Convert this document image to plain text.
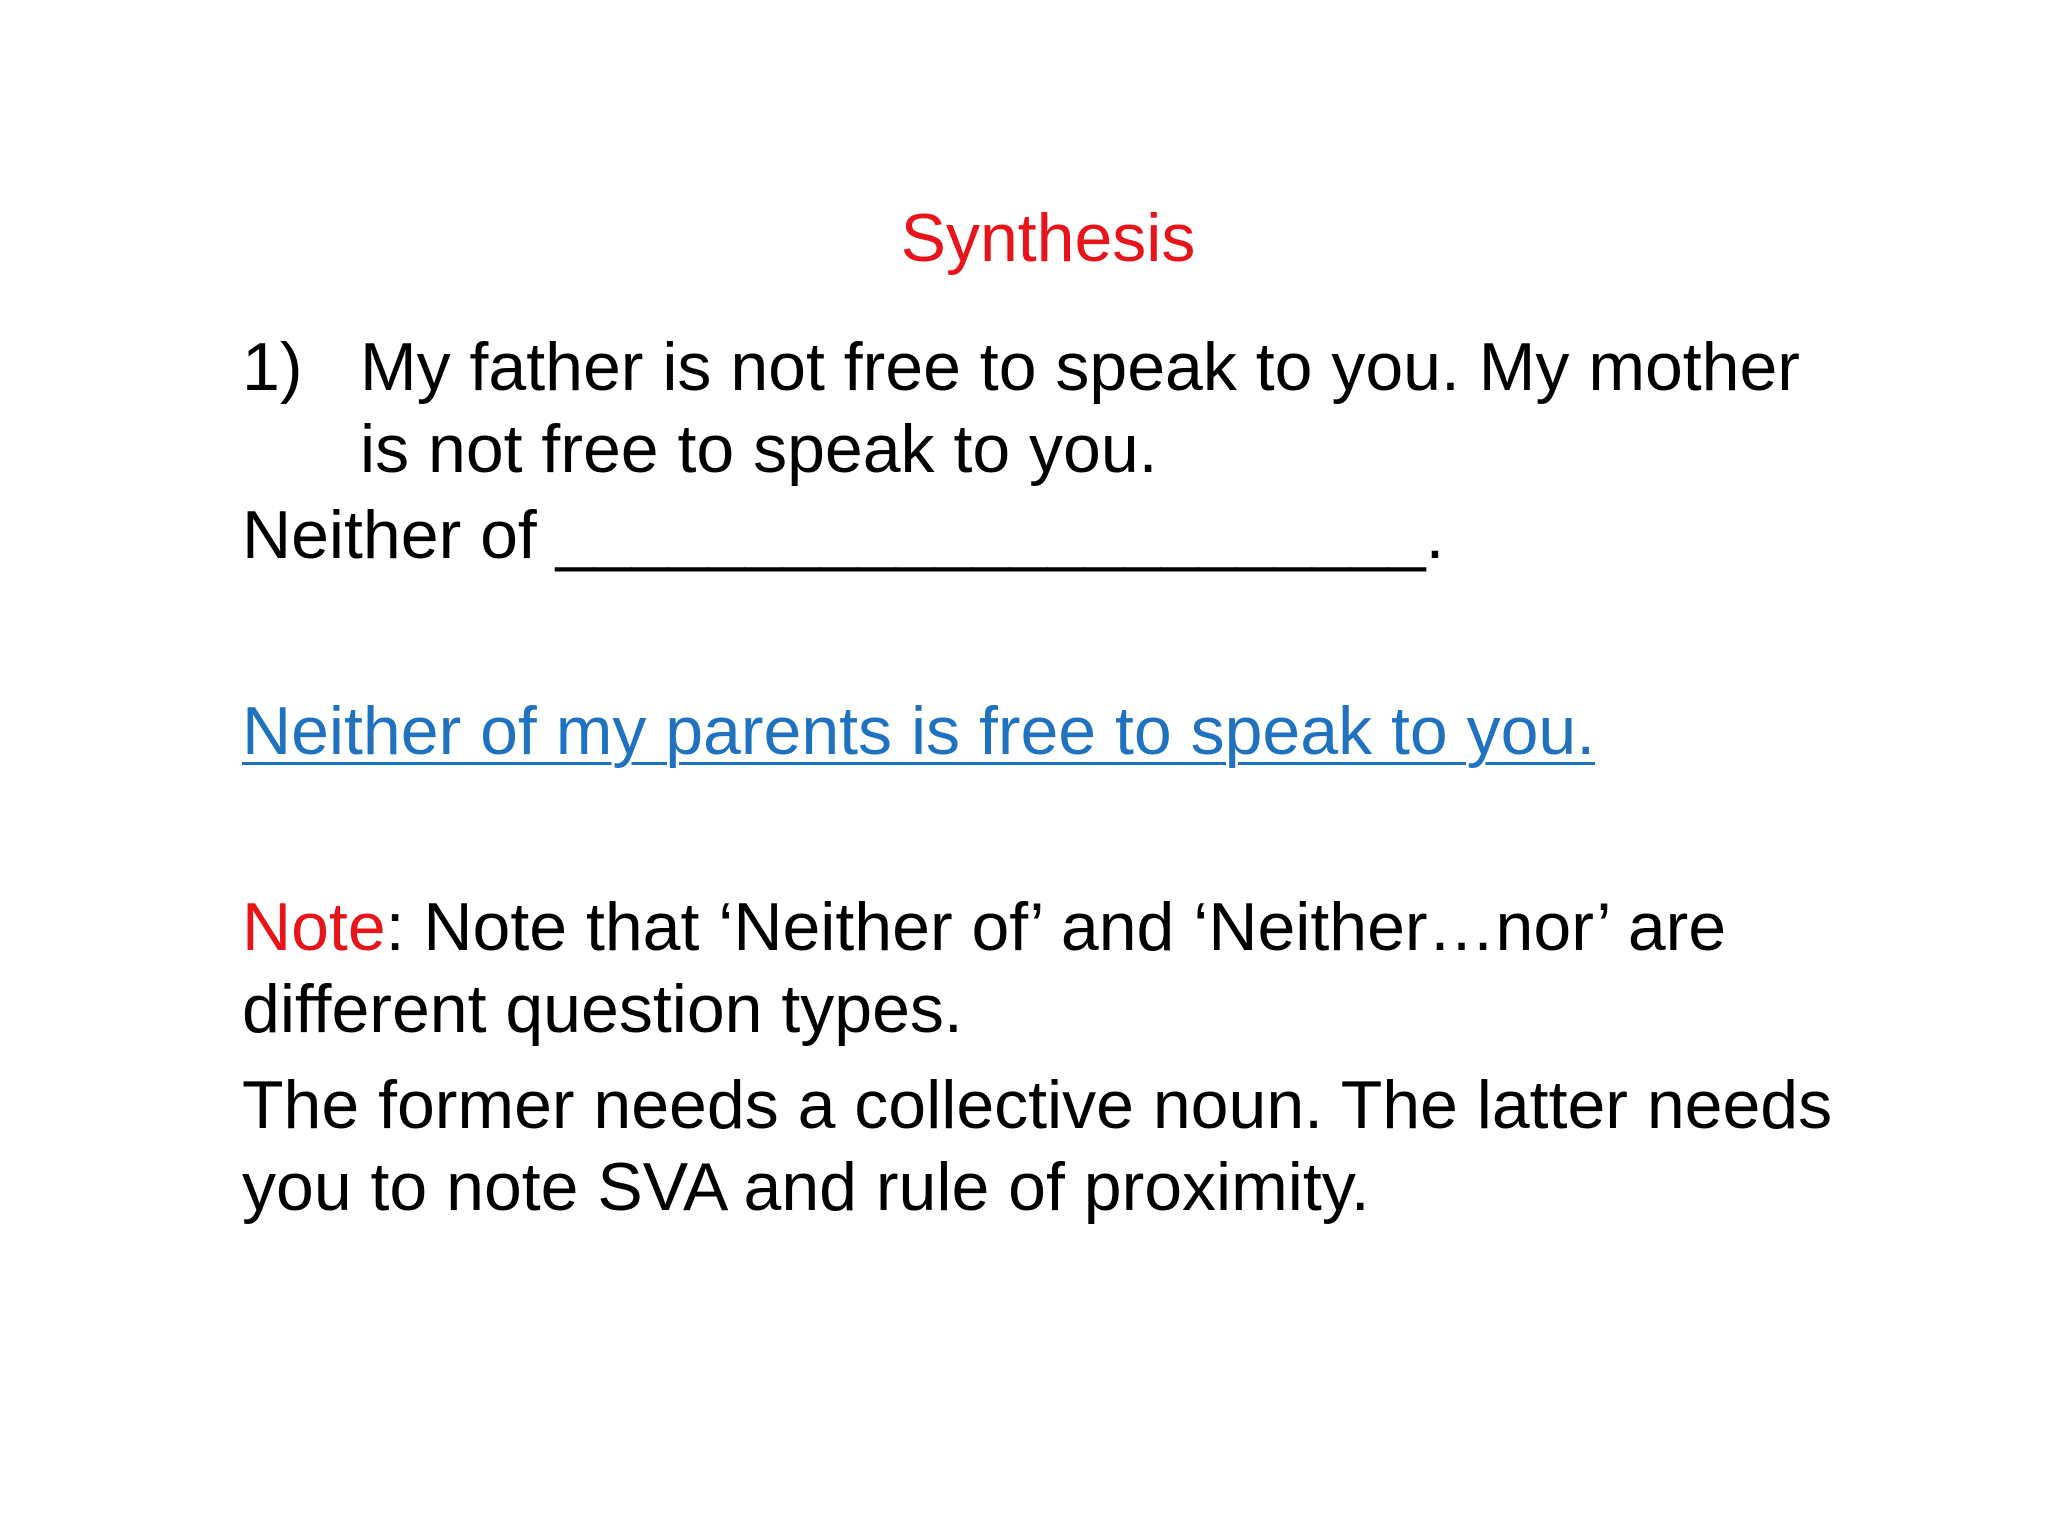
Synthesis
1) My father is not free to speak to you. My mother is not free to speak to you.

Neither of _______________________.

Neither of my parents is free to speak to you.

Note: Note that ‘Neither of’ and ‘Neither…nor’ are different question types.

The former needs a collective noun. The latter needs you to note SVA and rule of proximity.
